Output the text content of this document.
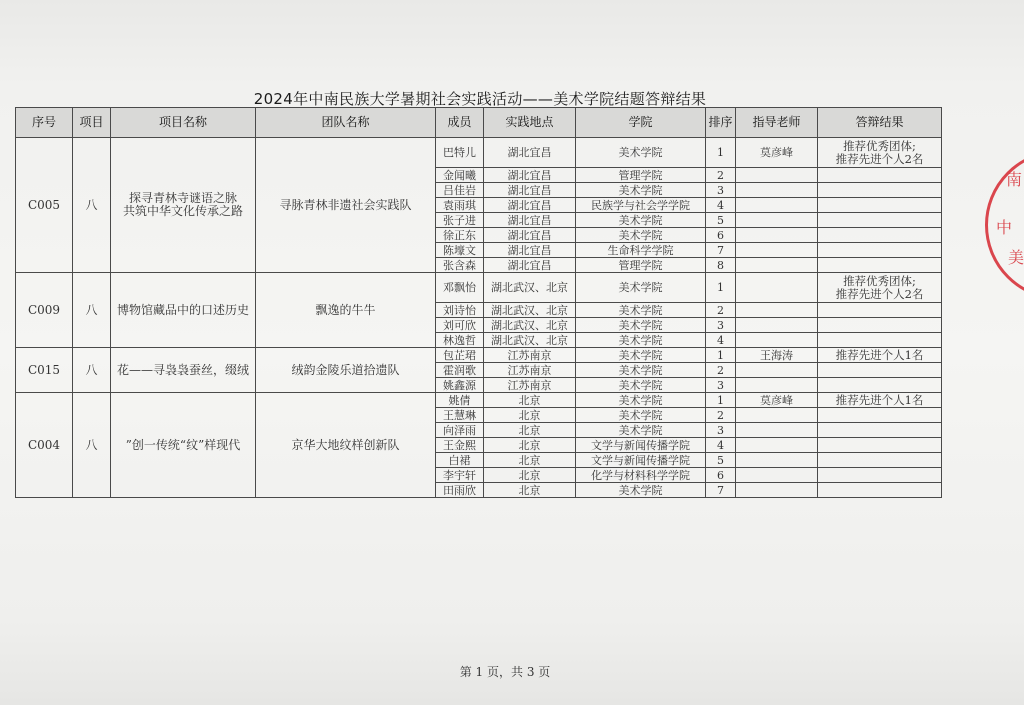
2024年中南民族大学暑期社会实践活动——美术学院结题答辩结果
序号	项目	项目名称	团队名称	成员	实践地点	学院	排序	指导老师	答辩结果
C005	八	探寻青林寺谜语之脉
共筑中华文化传承之路	寻脉青林非遗社会实践队	巴特儿	湖北宜昌	美术学院	1	莫彦峰	推荐优秀团体;
推荐先进个人2名
				金闻曦	湖北宜昌	管理学院	2		
				吕佳岩	湖北宜昌	美术学院	3		
				袁雨琪	湖北宜昌	民族学与社会学学院	4		
				张子进	湖北宜昌	美术学院	5		
				徐正东	湖北宜昌	美术学院	6		
				陈壕文	湖北宜昌	生命科学学院	7		
				张含森	湖北宜昌	管理学院	8		
C009	八	博物馆藏品中的口述历史	飘逸的牛牛	邓飘怡	湖北武汉、北京	美术学院	1		推荐优秀团体;
推荐先进个人2名
				刘诗怡	湖北武汉、北京	美术学院	2		
				刘可欣	湖北武汉、北京	美术学院	3		
				林逸哲	湖北武汉、北京	美术学院	4		
C015	八	花——寻袅袅蚕丝，缀绒	绒韵金陵乐道拾遗队	包芷珺	江苏南京	美术学院	1	王海涛	推荐先进个人1名
				霍润歌	江苏南京	美术学院	2		
				姚鑫源	江苏南京	美术学院	3		
C004	八	”创一传统“纹”样现代	京华大地纹样创新队	姚倩	北京	美术学院	1	莫彦峰	推荐先进个人1名
				王慧琳	北京	美术学院	2		
				向泽雨	北京	美术学院	3		
				王金熙	北京	文学与新闻传播学院	4		
				白裙	北京	文学与新闻传播学院	5		
				李宇轩	北京	化学与材料科学学院	6		
				田雨欣	北京	美术学院	7		
南
中
美
第 1 页，共 3 页
